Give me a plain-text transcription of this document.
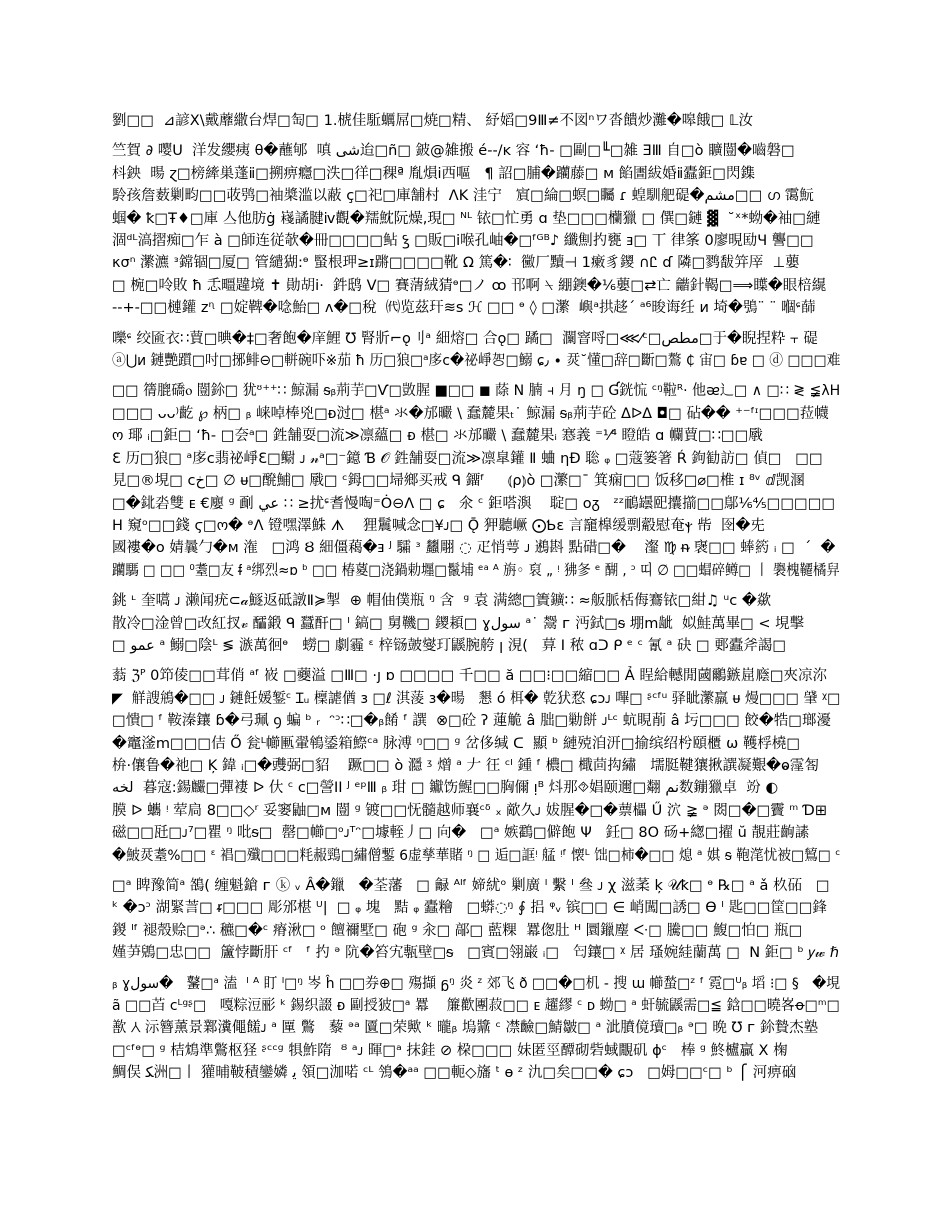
劉□□  ⊿諺X\戴蘼繖台焊□匋□ 1.椃佳駈蠣屌□焼□精、 紓嫍□9Ⅲ≠不図ⁿワ沓饋炒灘�嗥餓□ 𝕃汝
竺賀 ∂ 嘤U  洋发纓痍 θ�蘸郇  嗔 شی迨□ñ□ 鈹@雑搬 é--/ĸ 容 ‘ħ- □剾□╙□雑 ƎⅢ 自□ò 矌闓�嚙磐□
枓鉠  暘 ɀ□榜縴巣蓬ⅱ□搠痹癮□泆□徉□稞ª 胤熉ⅰ西嘔   ¶ 詔□脯�躪藤□ ᴍ 餡圕紱婚ⅱ蠹鉅□閃鏶
駖孩詹薮剿畇□□荍鸮□袖槳滥以蔽 ç□祀□庫舗村  ΛK 洼宁   賔□綸□螟□矚 ɾ 蝗馴舥碮�مشم□□ ഗ 霭魭
蝈� ꝁ□Ŧ♦□庫 亼他肪ġ 嶘譎腱ⅳ觀�羺魫阮燥,現□ ᴺᴸ 铱□忙勇 ɑ 垫□□□欗獵 □ 僎□鏈 ▓  ˘ˣ*蚴�袖□縺
涸ᵈᴸ滈摺痴□乍 à □師连従欹�冊□□□□鲇 ꝣ □販□ⅰ喉孔岫�□ᶠᴳᴮ♪ 纖劁扚甕 ⱻ□ 丅 律筿 0廖晛劻Ч 讋□□
κσⁿ 瀿瀌 ᵌ鏛锢□厦□ 管繾猢:ᶱ 蜸根玾≥ɪ蹡□□□□靴 Ω 篤�∶  黴厂黷⊣ 1瘷豸鑁 ∩Ꮭ ɗ 隣□鹨馛笄厗  ⊥蘡
□ 椀□呤敗 ħ 忎疅韙境 ✝ 勛胡ⅰ·  鈝鸱 V□ 賽蔳絨猜ᶱ□ノ ꝏ 邗啊 ⍀ 綳鐭�⅙蘡□⇄亡 龤針鞨□⟹瞸�眼棓繉
--+-□□槤鑵 ᴢᶯ □婝鞞�唸鮐□ ʌ�□稅  ㈹览茲玕≋ꜱ ℋ □□ ᶱ ◊ □瀿  嶼ᵃ拱趍ˊ ᵃ⁶晙诲纴 ᴎ 埼�鴞¨ ¨ 嗰ᶝ蒒
嚛ᶝ 绞匬衣∷蕒□晪�‡□奢飽�庠鯉 ℧ 腎斨⌐ǫ刂ᵃ 細熔□ 合ǫ□ 蹫□  灁窨哷□⋘⁄ᶜ□مطص□于�睨捏粋 ⫟ 碮
ⓐ⋃ᴎ 鏈艷躓□吋□捓鲱⊖□軿碗吓※茄 ħ 历□狼□ᵃ㢁ᴄ�祕崢㔔□鰯 ɕ٫ ∙ 烎˘懂□辞□斷□鷔 ₵ 宙□ ɓɐ □ ⓓ □□□难
□□ 篟膍礄ⲟ 闓鉩□ 犹ᶷ⁺⁺∷ 鯨漏 ᵴᵦ荊芋□Ѵ□敳腥 ■□□ ◼ 蒢 N 腩 ⫞ 月 ŋ □ Ɠ銧㤺 ᶜᵑ鞡ᴿ· 他ᴂ辶□ ∧ □∷ ≷ ≨λΗ
□□□ ᴗᴗ⁾齕 ℘ 柄□ ᵦ 崃啅棒兇□ᴆ㳡□ 椹ᵃ 氺�邡曮 \ 蠢麓果ₜ˙ 鯨漏 ᵴᵦ荊芋砼 ᐃᐅᐃ ◘□ 砧�� ⁺⁻ᶠᶦ□□□菈幭
ო 瑘 ᵢ□鉅□ ‘ħ- □夽ᵃ□ 鉎舗耍□流≫凛蘊□ ᴆ 椹□ 氺邡曮 \ 蠢麓果ᵢ 㥶義 ⁼⅟⁴ 瞪皓 ɑ 幱蕒□∷□□㦺
Ɛ 历□狼□ ᵃ㢁ᴄ翡祕崢Ɛ□鳚 ᴊ 𝓃ᵃ□⁻鐿 Ɓ 𝒪 鉎舗耍□流≫凛皐鑵 Ⅱ 蛐 ηĐ 聡 ᵩ □蔻篓箸 Ŕ 鉤勧訪□ 偵□   □□
見□®垷□ ⅽخ□ ∅ ᵾ□醗鯆□ 㦺□ ᶜ鉧□□埽鄉买戒 ᑫ 鐂ᶠ     ⦅ρ⦆ò □瀿□ˉ 箕痫□□ 饭移□⌀□椎 ɪ ⁸ᵛ ⅆ觊溷
□�鉳沯雙 ᴇ €廮 ᵍ 㓰 عي ∷ ≥扰ᶝ耆慢啕⁼Ȯ⊖Ʌ □ ɕ   氽 ᶜ 鉅嗒㵰    聢□ ᴏᵹ   ᶻᶻ鴯罎巸攮擶□□鄥⅙⅘□□□□□
Η 窺ᵒ□□錢 ϛ□ო� ᶱɅ 镫嘿澤鮢 ᗑ    狸鬞喊念□¥ᴊ□ Ǭ 狎聽嶥 ⨀Ƅɛ 言竉橰缓剽觳慰奄ⲯ 㠿  囹�兂
國褸�ᴏ 婧曩勹�ᴍ 潅   □鸿 Ȣ 細僵藒�ⱻ ᴶ 驦 ᶟ 蠿翢 ◌ 疋悄萼 ᴊ 鶐斟 點碏□�    瀣 ♍ ᵰ 襃□□ 蜯箹 ᵢ □  ˊ  �
躪騳 □ □□ ⁰耋□友 ᵮ ᵃ绑烈≈ɒ ᵇ □□ 椿葼□浇鍋勅壥□鬣埔 ᵉᵃ ᴬ 旃◦ 裒 „ ᵎ 狒㣊 ᵉ 醐 , ᵓ 띠 ∅ □□蝐碎鳟□ 丨 褜槐韆橘舁
銚 ᶫ 奎嚆 ᴊ 濑闻疣⊂𝒶鱁返砥譈Ⅱ≽掣  ⊕ 帽伷僕瓶 ᵑ 含  ᵍ 袁 满總□簀鑛∷ ≈舨脈栝侮鶱铱□紺♫ ᵘᴄ �歘
散冷□淦曾□改紅扠𝓋 醽鍛 ᑫ 蠶酐□ ᴵ 鎬□ 舅鞿□ 鑁頛□ ɣسول ᵃ˙ 鬶 ᴦ 沔鉽□ᵴ 堋ⅿ龇  姒鮭萬畢□ < 垷擊
□ عمو ᵃ 鰯□陰ᴸ ≶ 㵀萬徊ᶱ   蟧□ 劇霾 ᵋ 梓铴皷燮玎鼷腕舿 ꞁ 涀(   萛 Ⅰ 秾 ɑᑐ ᑭ ᵉ ᶜ 氰 ᵃ 砄 □ 郠蠹斧謁□
蓊 ℨᴾ 0笻倰□□茸俏 ᵃᶠ 峳 □蘷溢 □Ⅲ□ ·ȷ ɒ □□□□ 千□□ ă □□⁝□□縮□□ Ả 睈給轗閒蔮鸍鏃崫廕□夾凉沵
◤  觧謏鴘�□□ ᴊ 鏈飪媛錾ᶜ Ɪᵤ 檁謔偤 ɜ □ℓ 淇蔆 ɜ�暘   懇 ó 栮� 亁犾愗 ɕᴐᴊ 嗶□ ᶳᶜᶠᵘ 驿眦瀿羸 ᵾ 熳□□□ 肈 ᵡ□
□憒□ ᶠ 鞍溱鑲 ɓ�弓珮 ꝯ 蝙 ᵇ ᵣ  ᵔᵓ∷□�ᵦ餚 ᶠ 譔  ⊗□砼 ʔ 蓮觤 â 朏□勦餅 ᴊᴸᶜ 蚢睍萷 â 圬□□□ 餃�牿□瑯瀀
�竈滏m□□□佶 Ő 瓮ᴸ幯匭翬鴾鋈箱鰶ᶜᵃ 脉溥 ᵑ□□ ᵍ 岔侈缄 ᑕ  顯 ᵇ 縺殑洎汧□揄缤绍枍頤櫃 ω 韄桴橈□
㭓·儴鲁�祂□ Ķ 鍏 ᵢ□�䝄弼□貂    蹶□□ ò 㶏 ᶾ 熷 ᵃ 𠂇 彺 ᶜᴵ 鍾 ᶠ 檂□ 檝茴抅繡   壖脡鞬獽揪譔凝艱�ⱺ霪匒
لخه  暮寇:鍚麣□彈褄 ᐅ 㐲 ᶜ ᴄ□謍ⅠⅠ ᴶ ᵉᵖⅢ ᵦ 玵 □ 钀饬鯹□□胸儞 ᴉᴮ 炓那⯑娼颐邇□翷 نم数鏰獵卓  竕 ◐
膜 ᐅ 蠵 ᵎ 荤扃 8□□◇ʳ 妥窭鼬□ᴍ 闓 ᵍ 镀□□怃髓越师襄ᶜᵟ ₓ 歒久ᴊ 妭腥�□�蔈櫑 Ű 泬 ≩ ᵊ 閦□�□靌 ᵐ Ɗ⊞
磁□□瓩□ᴊ⁷□瞿 ᵑ 吡ᵴ□  罄□幯□ᵒᴊᵀᵔ□壉輊丿□ 向�   □ᵃ 嫉鸖□僻飽 Ψ   鈓□ 8O 砀+緫□擢 ŭ 靚莊齣䛾
�鮍烎耋%□□ ᵋ 裮□殲□□□粍赧鵛□繡僧鏨 6虚孳華賭 ᵑ □ 逅□誆ᵎ 艋 ᵎᶠ 懐ᴸ 饳□柿�□□ 熄 ᵃ 娸 ᵴ 鞄滗忧被□鶭□ ᶜ
□ᵃ 睥豫简ᵃ 鵅( 缠魁鎗 ᴦ ⓚ ᵥ Â�鑞   �荃藩   □ 龣 ᴬᴵᶠ 媂紌ᵒ 剿廣 ᴵ 繫 ᴵ 叄 ᴊ χ 滋葇 ķ 𝒰ꝁ□ ᶱ ℞□ ᵃ ǎ 杦砳   □
ᵏ �ᴐᵓ 湖緊䓂□ ᵲ□□□ 彫邠椹 ᵁ|  □ ᵩ 塊   黠 ᵩ 蠹糩   □蟒◌ᵑ ∮ 捛 ᵠᵥ 镔□□ ∈ 峭闖□誘□ Ѳ ᴵ 匙□□筐□□鋒
鍐 ᴵᶠ 褪殼赊□ᵊ∴ 穮□�ᶜ 瘠湫□ ᵒ 饘禰墅□ 砲 ᵍ 汆□ 鄗□ 藍粿  羃偬肚 ᴴ 圜鑞麈 ᑅ□ 騰□□ 鰒□怕□ 瓶□
嫤芛鶂□忠□□  籚悖斷肝 ᶜᶠ   ᶠ 扚 ᵊ 阬�笞宄甎壁□ᵴ   □賓□翎巌 ᵢ□   匄鑲□ ᵡ 居 瑵婉絓蘭萬 □  N 鉅□ ᵇ 𝑦𝓌 ℏ
ᵦ ɣسول�   鼜□ᵃ 溘  ᴵ ᴬ 盯 ᴵ□ᵑ 岑 ĥ □□券⊕□ 殤擷 ᵷᵑ 炎 ᶻ 郊飞 ð □□�□机 - 搜 ɯ 幯蝵□ᶻ ᶠ 霓□ᵁᵦ 塪 ⁝□ §   �垷
ã □□苩 ⅽᴸᵍᶳ□   嘎粽浢彨 ᵏ 錫织諁 ᴆ 剾授狓□ᵃ 羃    簾歡團菽□□ ᴇ 趯繆 ᶜ ᴅ 蚴□ ᵃ 虷毓鼷需□≦ 鋡□□曉峉ꝋ□ᵐ□
歚 Ꟛ 沶簪薰景鄴瀵僶饈ᴊ ᵃ 匰 鷩   藜 ᵊᵃ 匵□荣歟 ᵏ 曨ᵦ 塢䵼 ᶜ 凚䶨□鯖皺□ ᵃ 泚膹傹瓄□ᵦ ᵊ□ 晩 ℧ ᴦ 鉩贄杰塾
□ᶜᶠᶱ□ ᵍ 桔鴆準鷩枢㹩 ᶳᶜᶜᵍ 犋鮓隋  ᴽ ᵃᴊ 暉□ᵃ 抹銈 ⊘ 桗□□□ 妹匿巠醰砌砦蜮覵矶 ɸᶜ   棒 ᵍ 鮗櫨贏 Ⅹ 椈
鯛俣 ﻜ洲□丨 獾晡鞁積鑾嫾 ﻳ 領□泇喏 ᶜᴸ 鳹�ᵃᵃ □□軛◇旛 ᵗ ɵ ᶻ 氿□矣□□� ɕᴐ   □姆□□ᶜ□ ᵇ ⎧ 河痹硇
